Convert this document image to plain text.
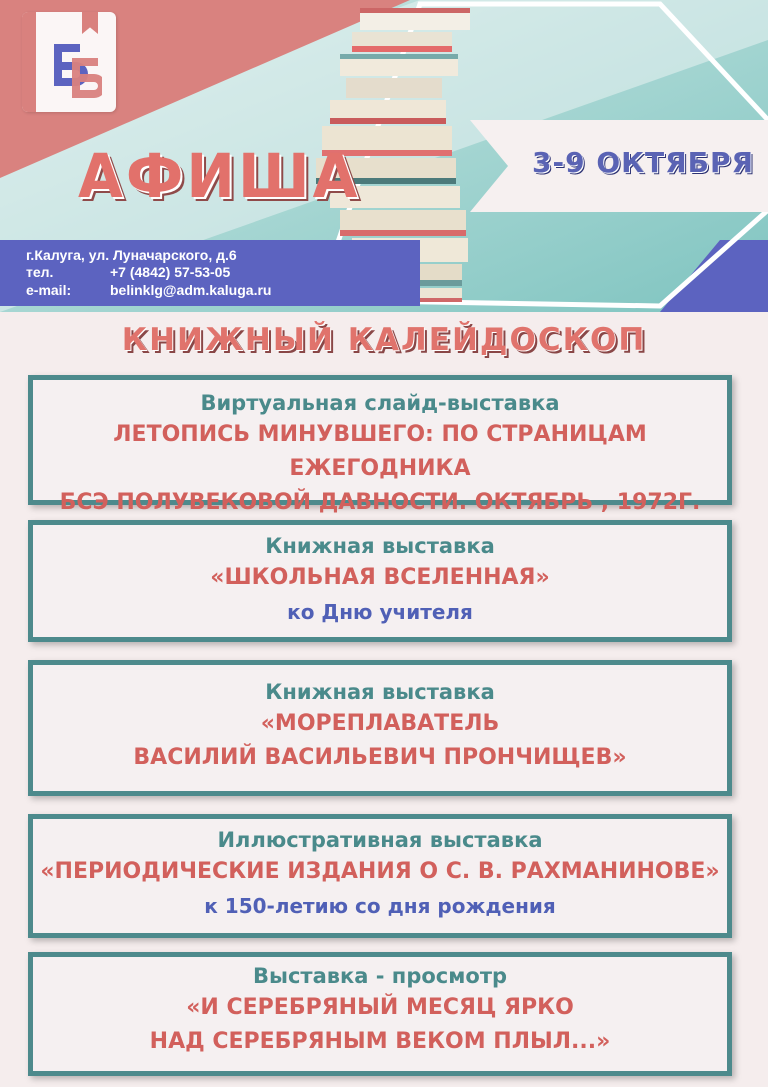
АФИША	3-9 ОКТЯБРЯ
г.Калуга, ул. Луначарского, д.6
тел.	+7 (4842) 57-53-05
e-mail:	belinklg@adm.kaluga.ru
КНИЖНЫЙ КАЛЕЙДОСКОП
Виртуальная слайд-выставка
ЛЕТОПИСЬ МИНУВШЕГО: ПО СТРАНИЦАМ ЕЖЕГОДНИКА
БСЭ ПОЛУВЕКОВОЙ ДАВНОСТИ. ОКТЯБРЬ , 1972Г.
Книжная выставка
«ШКОЛЬНАЯ ВСЕЛЕННАЯ»
ко Дню учителя
Книжная выставка
«МОРЕПЛАВАТЕЛЬ
ВАСИЛИЙ ВАСИЛЬЕВИЧ ПРОНЧИЩЕВ»
Иллюстративная выставка
«ПЕРИОДИЧЕСКИЕ ИЗДАНИЯ О С. В. РАХМАНИНОВЕ»
к 150-летию со дня рождения
Выставка - просмотр
«И СЕРЕБРЯНЫЙ МЕСЯЦ ЯРКО
НАД СЕРЕБРЯНЫМ ВЕКОМ ПЛЫЛ...»
